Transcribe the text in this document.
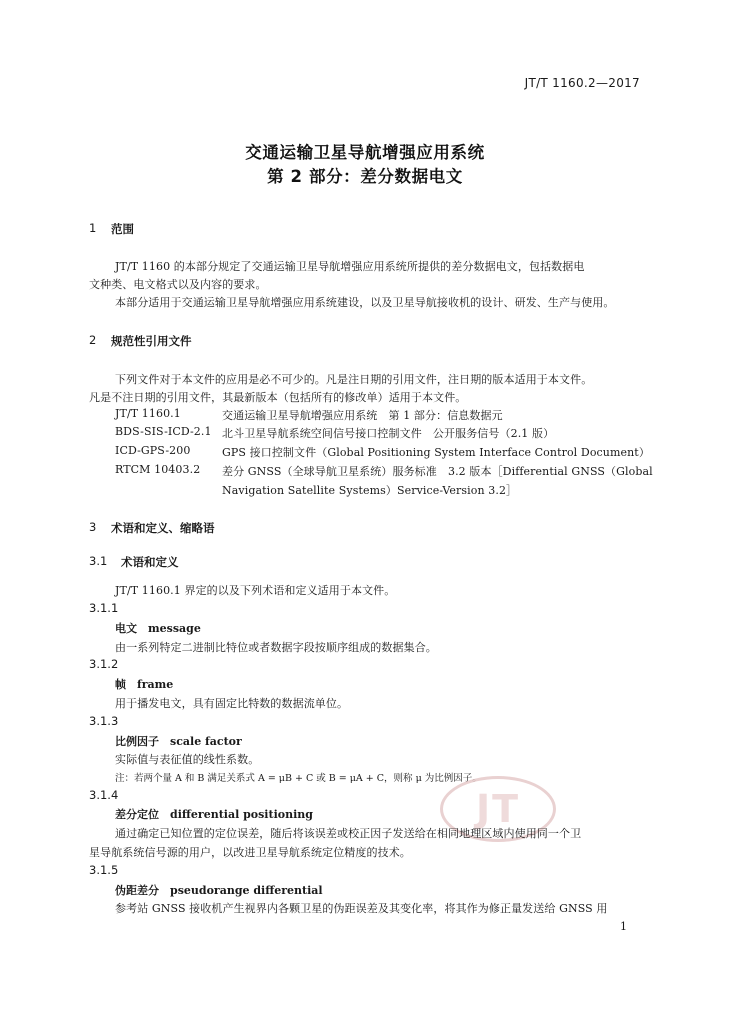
JT/T 1160.2—2017
交通运输卫星导航增强应用系统
第 2 部分：差分数据电文
1 范围
JT/T 1160 的本部分规定了交通运输卫星导航增强应用系统所提供的差分数据电文，包括数据电
文种类、电文格式以及内容的要求。
本部分适用于交通运输卫星导航增强应用系统建设，以及卫星导航接收机的设计、研发、生产与使用。
2 规范性引用文件
下列文件对于本文件的应用是必不可少的。凡是注日期的引用文件，注日期的版本适用于本文件。
凡是不注日期的引用文件，其最新版本（包括所有的修改单）适用于本文件。
JT/T 1160.1	交通运输卫星导航增强应用系统　第 1 部分：信息数据元
BDS-SIS-ICD-2.1 北斗卫星导航系统空间信号接口控制文件　公开服务信号（2.1 版）
ICD-GPS-200	GPS 接口控制文件（Global Positioning System Interface Control Document）
RTCM 10403.2 差分 GNSS（全球导航卫星系统）服务标准　3.2 版本［Differential GNSS（Global
Navigation Satellite Systems）Service-Version 3.2］
3 术语和定义、缩略语
3.1 术语和定义
JT/T 1160.1 界定的以及下列术语和定义适用于本文件。
3.1.1
电文　message
由一系列特定二进制比特位或者数据字段按顺序组成的数据集合。
3.1.2
帧　frame
用于播发电文，具有固定比特数的数据流单位。
3.1.3
比例因子　scale factor
实际值与表征值的线性系数。
注：若两个量 A 和 B 满足关系式 A = μB + C 或 B = μA + C，则称 μ 为比例因子。
JT
3.1.4
差分定位　differential positioning
通过确定已知位置的定位误差，随后将该误差或校正因子发送给在相同地理区域内使用同一个卫
星导航系统信号源的用户，以改进卫星导航系统定位精度的技术。
3.1.5
伪距差分　pseudorange differential
参考站 GNSS 接收机产生视界内各颗卫星的伪距误差及其变化率，将其作为修正量发送给 GNSS 用
1
